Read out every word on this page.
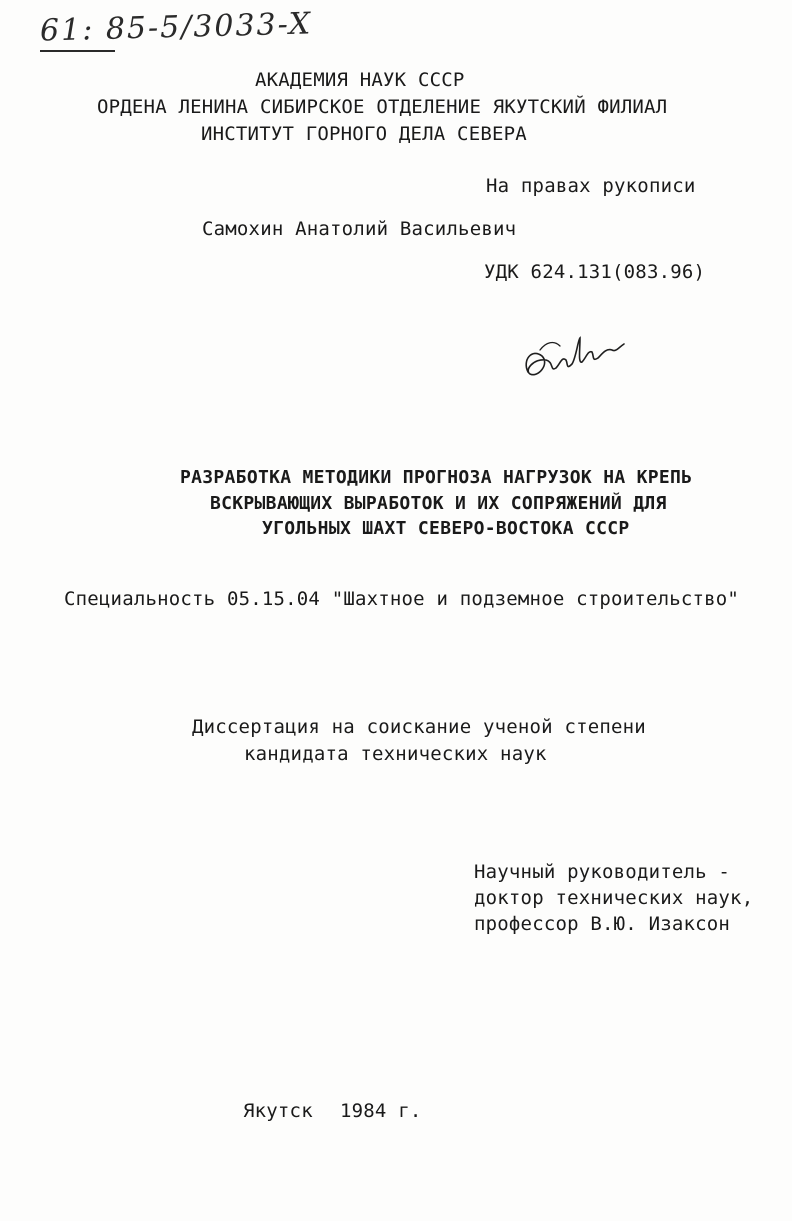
61: 85-5/3033-X
АКАДЕМИЯ НАУК СССР
ОРДЕНА ЛЕНИНА СИБИРСКОЕ ОТДЕЛЕНИЕ ЯКУТСКИЙ ФИЛИАЛ
ИНСТИТУТ ГОРНОГО ДЕЛА СЕВЕРА
На правах рукописи
Самохин Анатолий Васильевич
УДК 624.131(083.96)
РАЗРАБОТКА МЕТОДИКИ ПРОГНОЗА НАГРУЗОК НА КРЕПЬ
ВСКРЫВАЮЩИХ ВЫРАБОТОК И ИХ СОПРЯЖЕНИЙ ДЛЯ
УГОЛЬНЫХ ШАХТ СЕВЕРО-ВОСТОКА СССР
Специальность 05.15.04 "Шахтное и подземное строительство"
Диссертация на соискание ученой степени
кандидата технических наук
Научный руководитель -
доктор технических наук,
профессор В.Ю. Изаксон
Якутск 1984 г.
